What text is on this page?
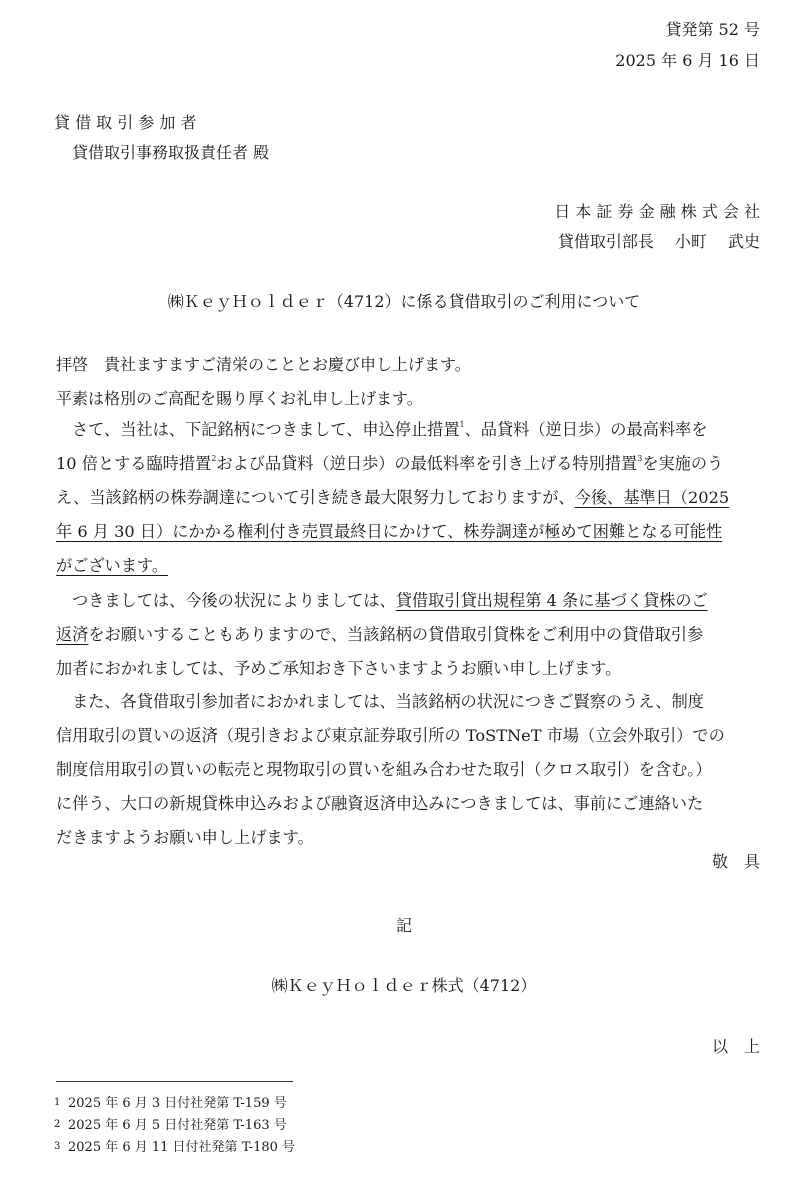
貸発第 52 号
2025 年 6 月 16 日
貸 借 取 引 参 加 者
貸借取引事務取扱責任者 殿
日 本 証 券 金 融 株 式 会 社
貸借取引部長　 小町　 武史
㈱ＫｅｙＨｏｌｄｅｒ（4712）に係る貸借取引のご利用について
拝啓　貴社ますますご清栄のこととお慶び申し上げます。
平素は格別のご高配を賜り厚くお礼申し上げます。
さて、当社は、下記銘柄につきまして、申込停止措置$^1$、品貸料（逆日歩）の最高料率を
10 倍とする臨時措置$^2$および品貸料（逆日歩）の最低料率を引き上げる特別措置$^3$を実施のう
え、当該銘柄の株券調達について引き続き最大限努力しておりますが、今後、基準日（2025
年 6 月 30 日）にかかる権利付き売買最終日にかけて、株券調達が極めて困難となる可能性
がございます。
つきましては、今後の状況によりましては、貸借取引貸出規程第 4 条に基づく貸株のご
返済をお願いすることもありますので、当該銘柄の貸借取引貸株をご利用中の貸借取引参
加者におかれましては、予めご承知おき下さいますようお願い申し上げます。
また、各貸借取引参加者におかれましては、当該銘柄の状況につきご賢察のうえ、制度
信用取引の買いの返済（現引きおよび東京証券取引所の ToSTNeT 市場（立会外取引）での
制度信用取引の買いの転売と現物取引の買いを組み合わせた取引（クロス取引）を含む。）
に伴う、大口の新規貸株申込みおよび融資返済申込みにつきましては、事前にご連絡いた
だきますようお願い申し上げます。
敬　具
記
㈱ＫｅｙＨｏｌｄｅｒ株式（4712）
以　上
1 2025 年 6 月 3 日付社発第 T-159 号
2 2025 年 6 月 5 日付社発第 T-163 号
3 2025 年 6 月 11 日付社発第 T-180 号
